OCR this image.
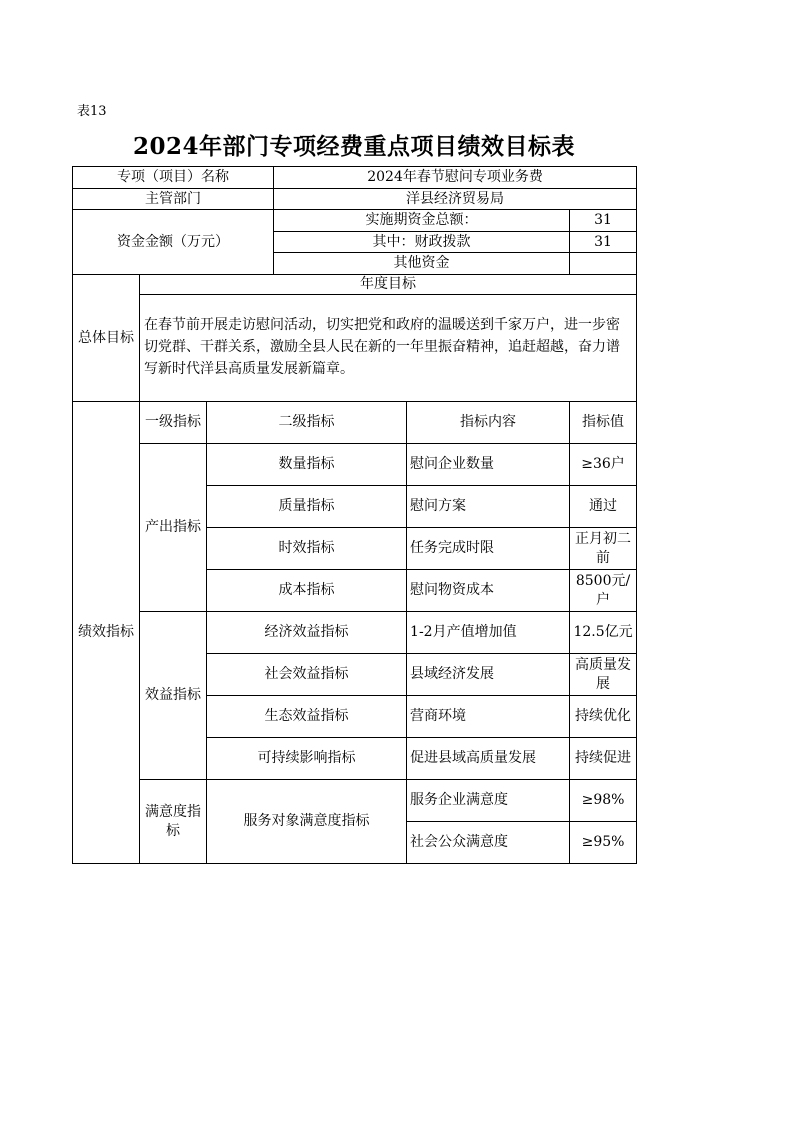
表13
2024年部门专项经费重点项目绩效目标表
专项（项目）名称			2024年春节慰问专项业务费		
主管部门			洋县经济贸易局		
资金金额（万元）			实施期资金总额：		31
			其中：财政拨款		31
			其他资金		
总体目标	年度目标				
	在春节前开展走访慰问活动，切实把党和政府的温暖送到千家万户，进一步密切党群、干群关系，激励全县人民在新的一年里振奋精神，追赶超越，奋力谱写新时代洋县高质量发展新篇章。				
绩效指标	一级指标	二级指标		指标内容	指标值
	产出指标	数量指标		慰问企业数量	≥36户
		质量指标		慰问方案	通过
		时效指标		任务完成时限	正月初二前
		成本指标		慰问物资成本	8500元/户
	效益指标	经济效益指标		1-2月产值增加值	12.5亿元
		社会效益指标		县域经济发展	高质量发展
		生态效益指标		营商环境	持续优化
		可持续影响指标		促进县域高质量发展	持续促进
	满意度指标	服务对象满意度指标		服务企业满意度	≥98%
				社会公众满意度	≥95%
